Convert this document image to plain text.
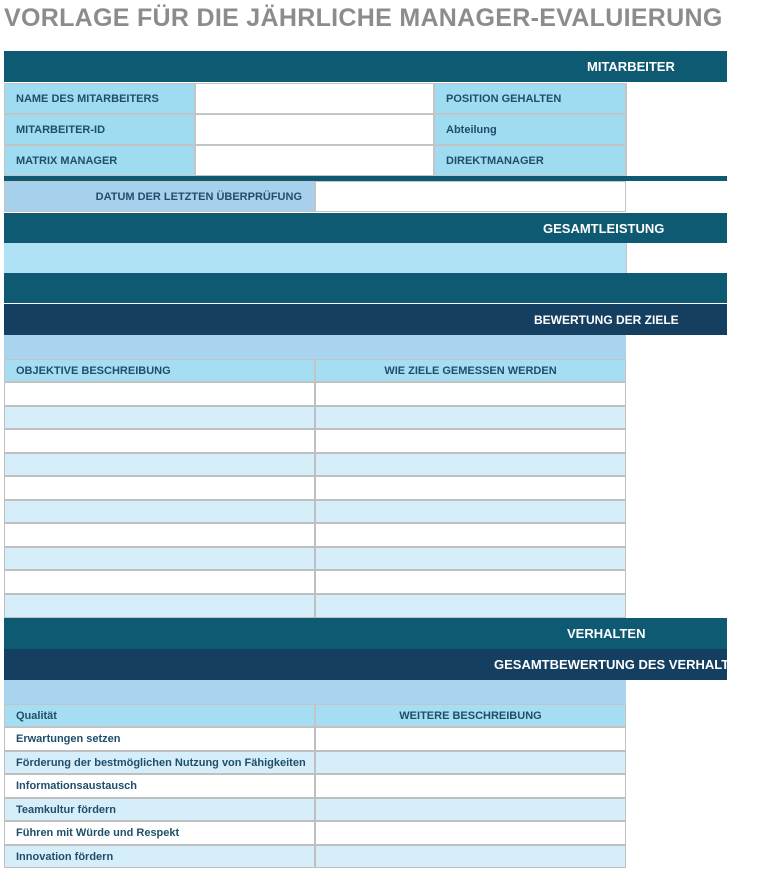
VORLAGE FÜR DIE JÄHRLICHE MANAGER-EVALUIERUNG
MITARBEITER
NAME DES MITARBEITERS	POSITION GEHALTEN
MITARBEITER-ID	Abteilung
MATRIX MANAGER	DIREKTMANAGER
DATUM DER LETZTEN ÜBERPRÜFUNG
GESAMTLEISTUNG
BEWERTUNG DER ZIELE
OBJEKTIVE BESCHREIBUNG	WIE ZIELE GEMESSEN WERDEN
VERHALTEN
GESAMTBEWERTUNG DES VERHALTENS
Qualität	WEITERE BESCHREIBUNG
Erwartungen setzen
Förderung der bestmöglichen Nutzung von Fähigkeiten
Informationsaustausch
Teamkultur fördern
Führen mit Würde und Respekt
Innovation fördern
